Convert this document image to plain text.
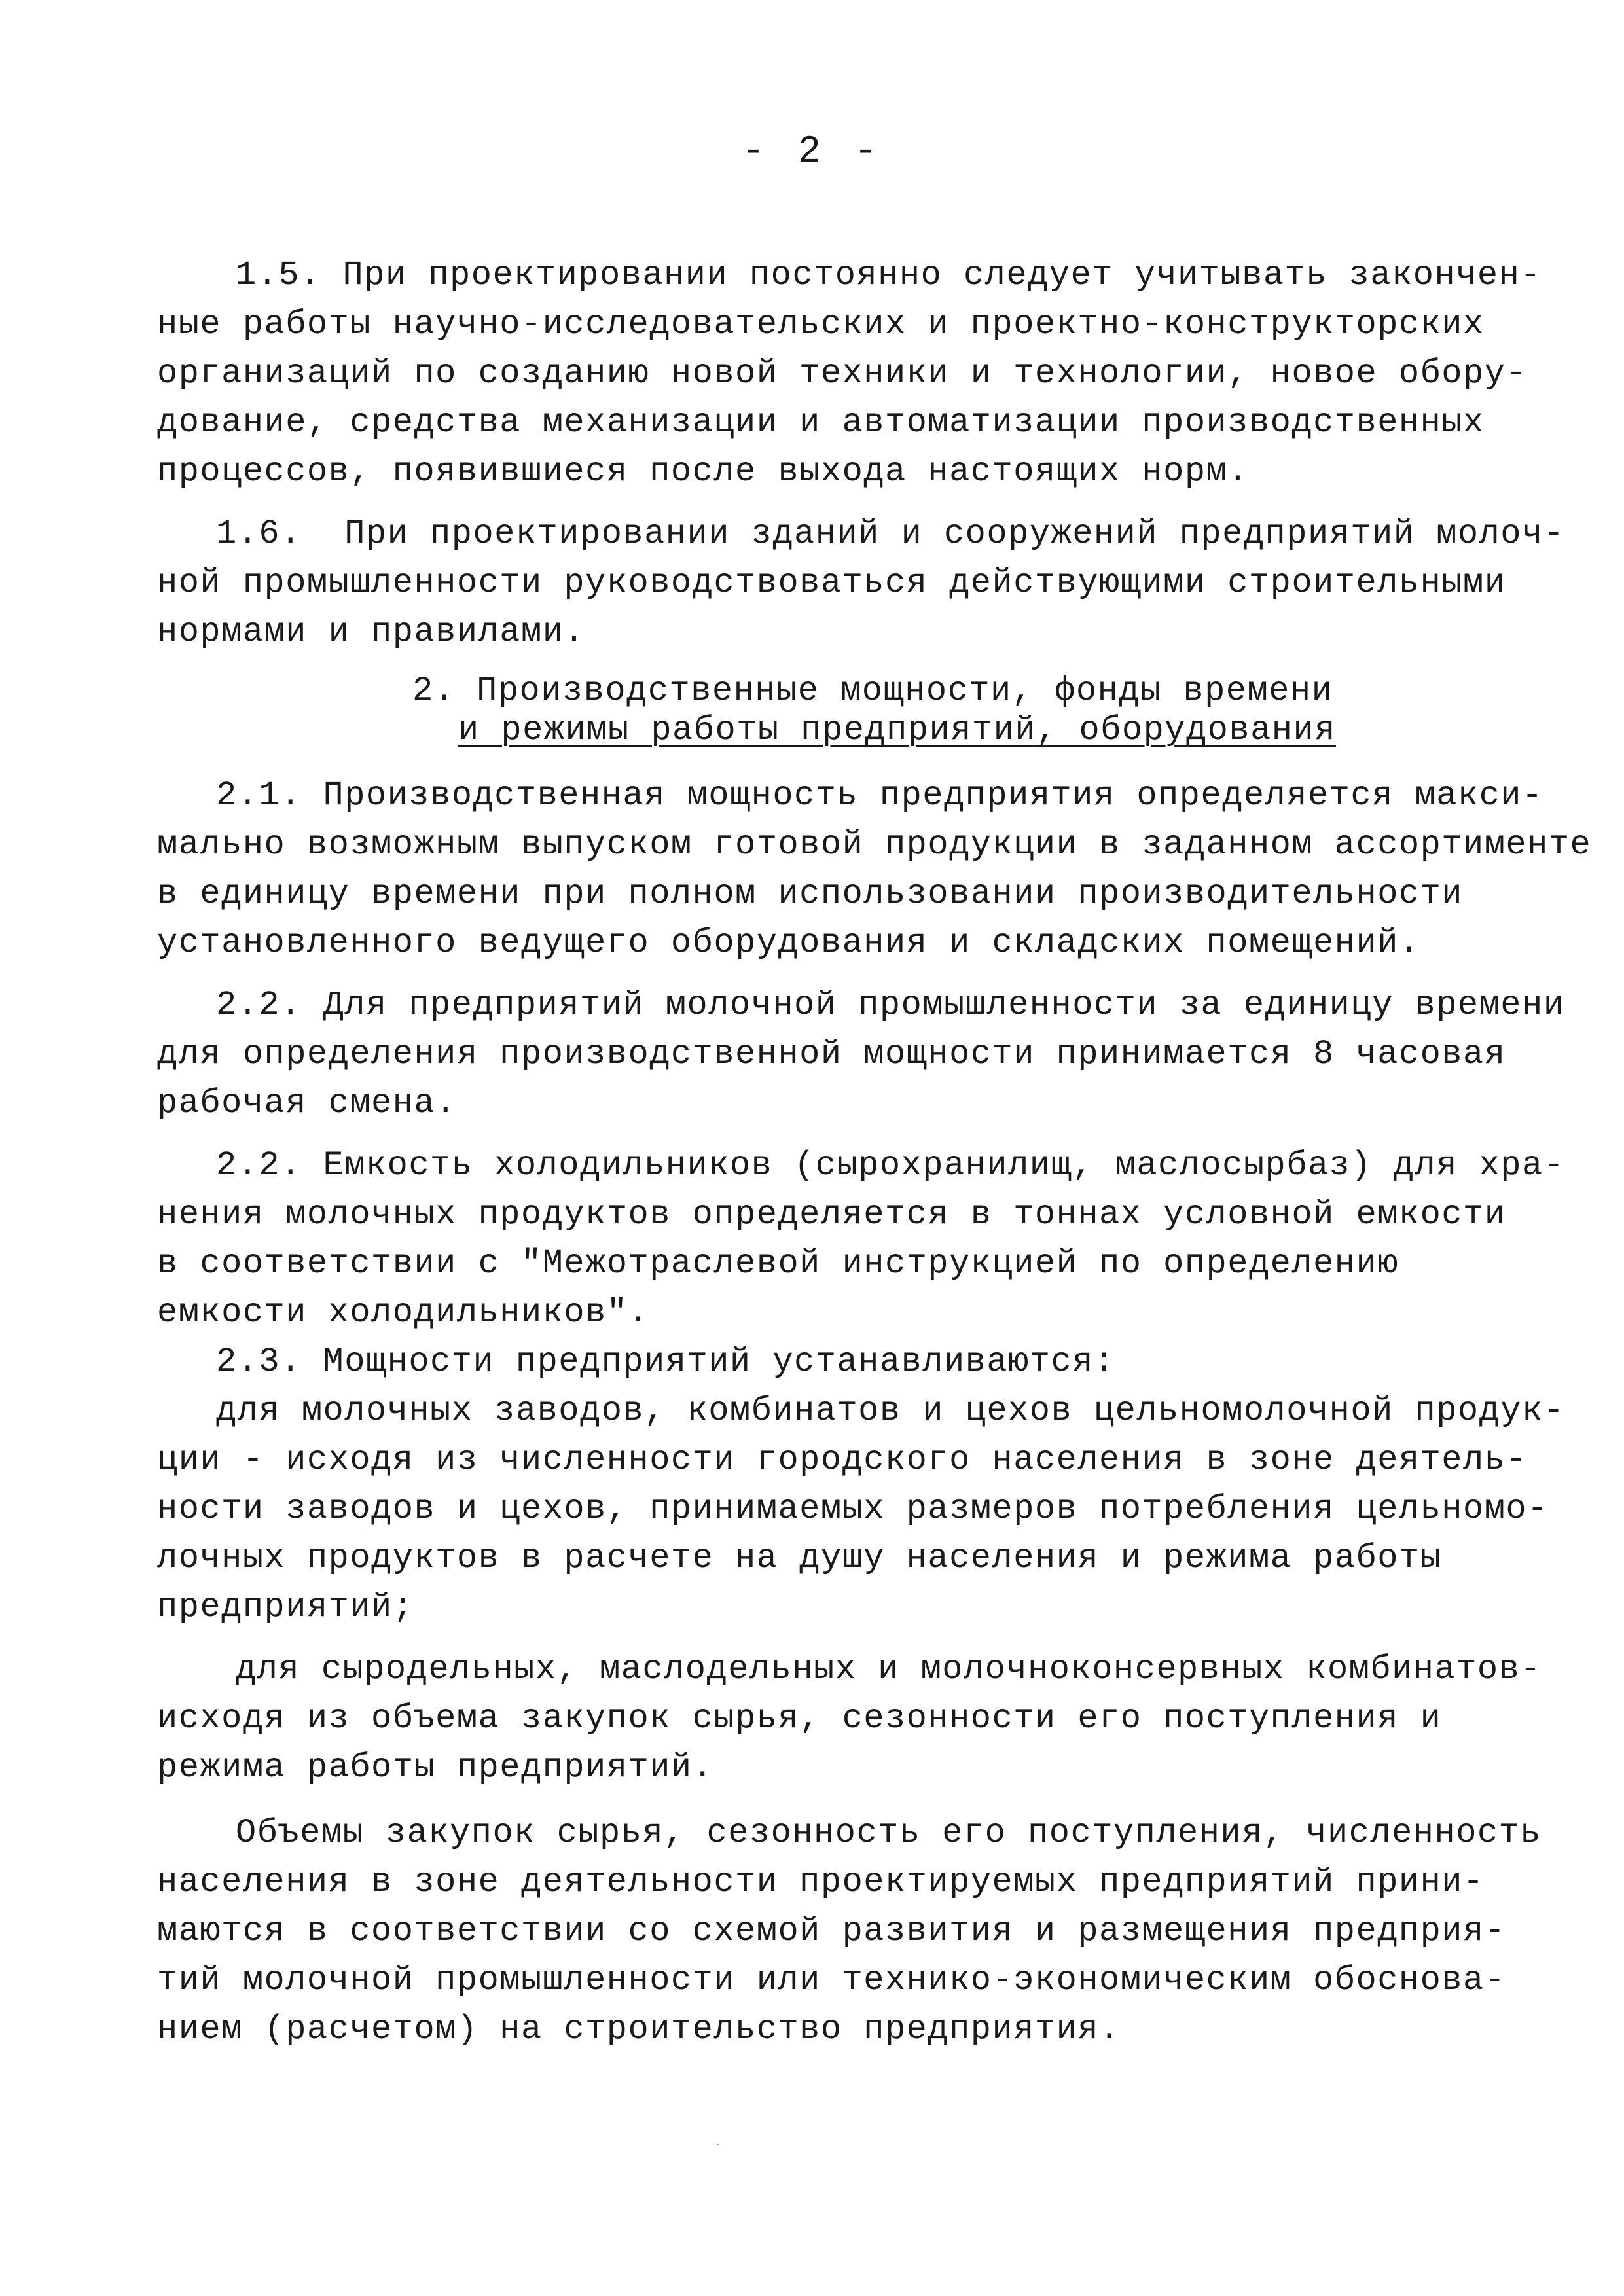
- 2 -
1.5. При проектировании постоянно следует учитывать закончен-
ные работы научно-исследовательских и проектно-конструкторских
организаций по созданию новой техники и технологии, новое обору-
дование, средства механизации и автоматизации производственных
процессов, появившиеся после выхода настоящих норм.
1.6.  При проектировании зданий и сооружений предприятий молоч-
ной промышленности руководствоваться действующими строительными
нормами и правилами.
2. Производственные мощности, фонды времени
и режимы работы предприятий, оборудования
2.1. Производственная мощность предприятия определяется макси-
мально возможным выпуском готовой продукции в заданном ассортименте
в единицу времени при полном использовании производительности
установленного ведущего оборудования и складских помещений.
2.2. Для предприятий молочной промышленности за единицу времени
для определения производственной мощности принимается 8 часовая
рабочая смена.
2.2. Емкость холодильников (сырохранилищ, маслосырбаз) для хра-
нения молочных продуктов определяется в тоннах условной емкости
в соответствии с "Межотраслевой инструкцией по определению
емкости холодильников".
2.3. Мощности предприятий устанавливаются:
для молочных заводов, комбинатов и цехов цельномолочной продук-
ции - исходя из численности городского населения в зоне деятель-
ности заводов и цехов, принимаемых размеров потребления цельномо-
лочных продуктов в расчете на душу населения и режима работы
предприятий;
для сыродельных, маслодельных и молочноконсервных комбинатов-
исходя из объема закупок сырья, сезонности его поступления и
режима работы предприятий.
Объемы закупок сырья, сезонность его поступления, численность
населения в зоне деятельности проектируемых предприятий прини-
маются в соответствии со схемой развития и размещения предприя-
тий молочной промышленности или технико-экономическим обоснова-
нием (расчетом) на строительство предприятия.
